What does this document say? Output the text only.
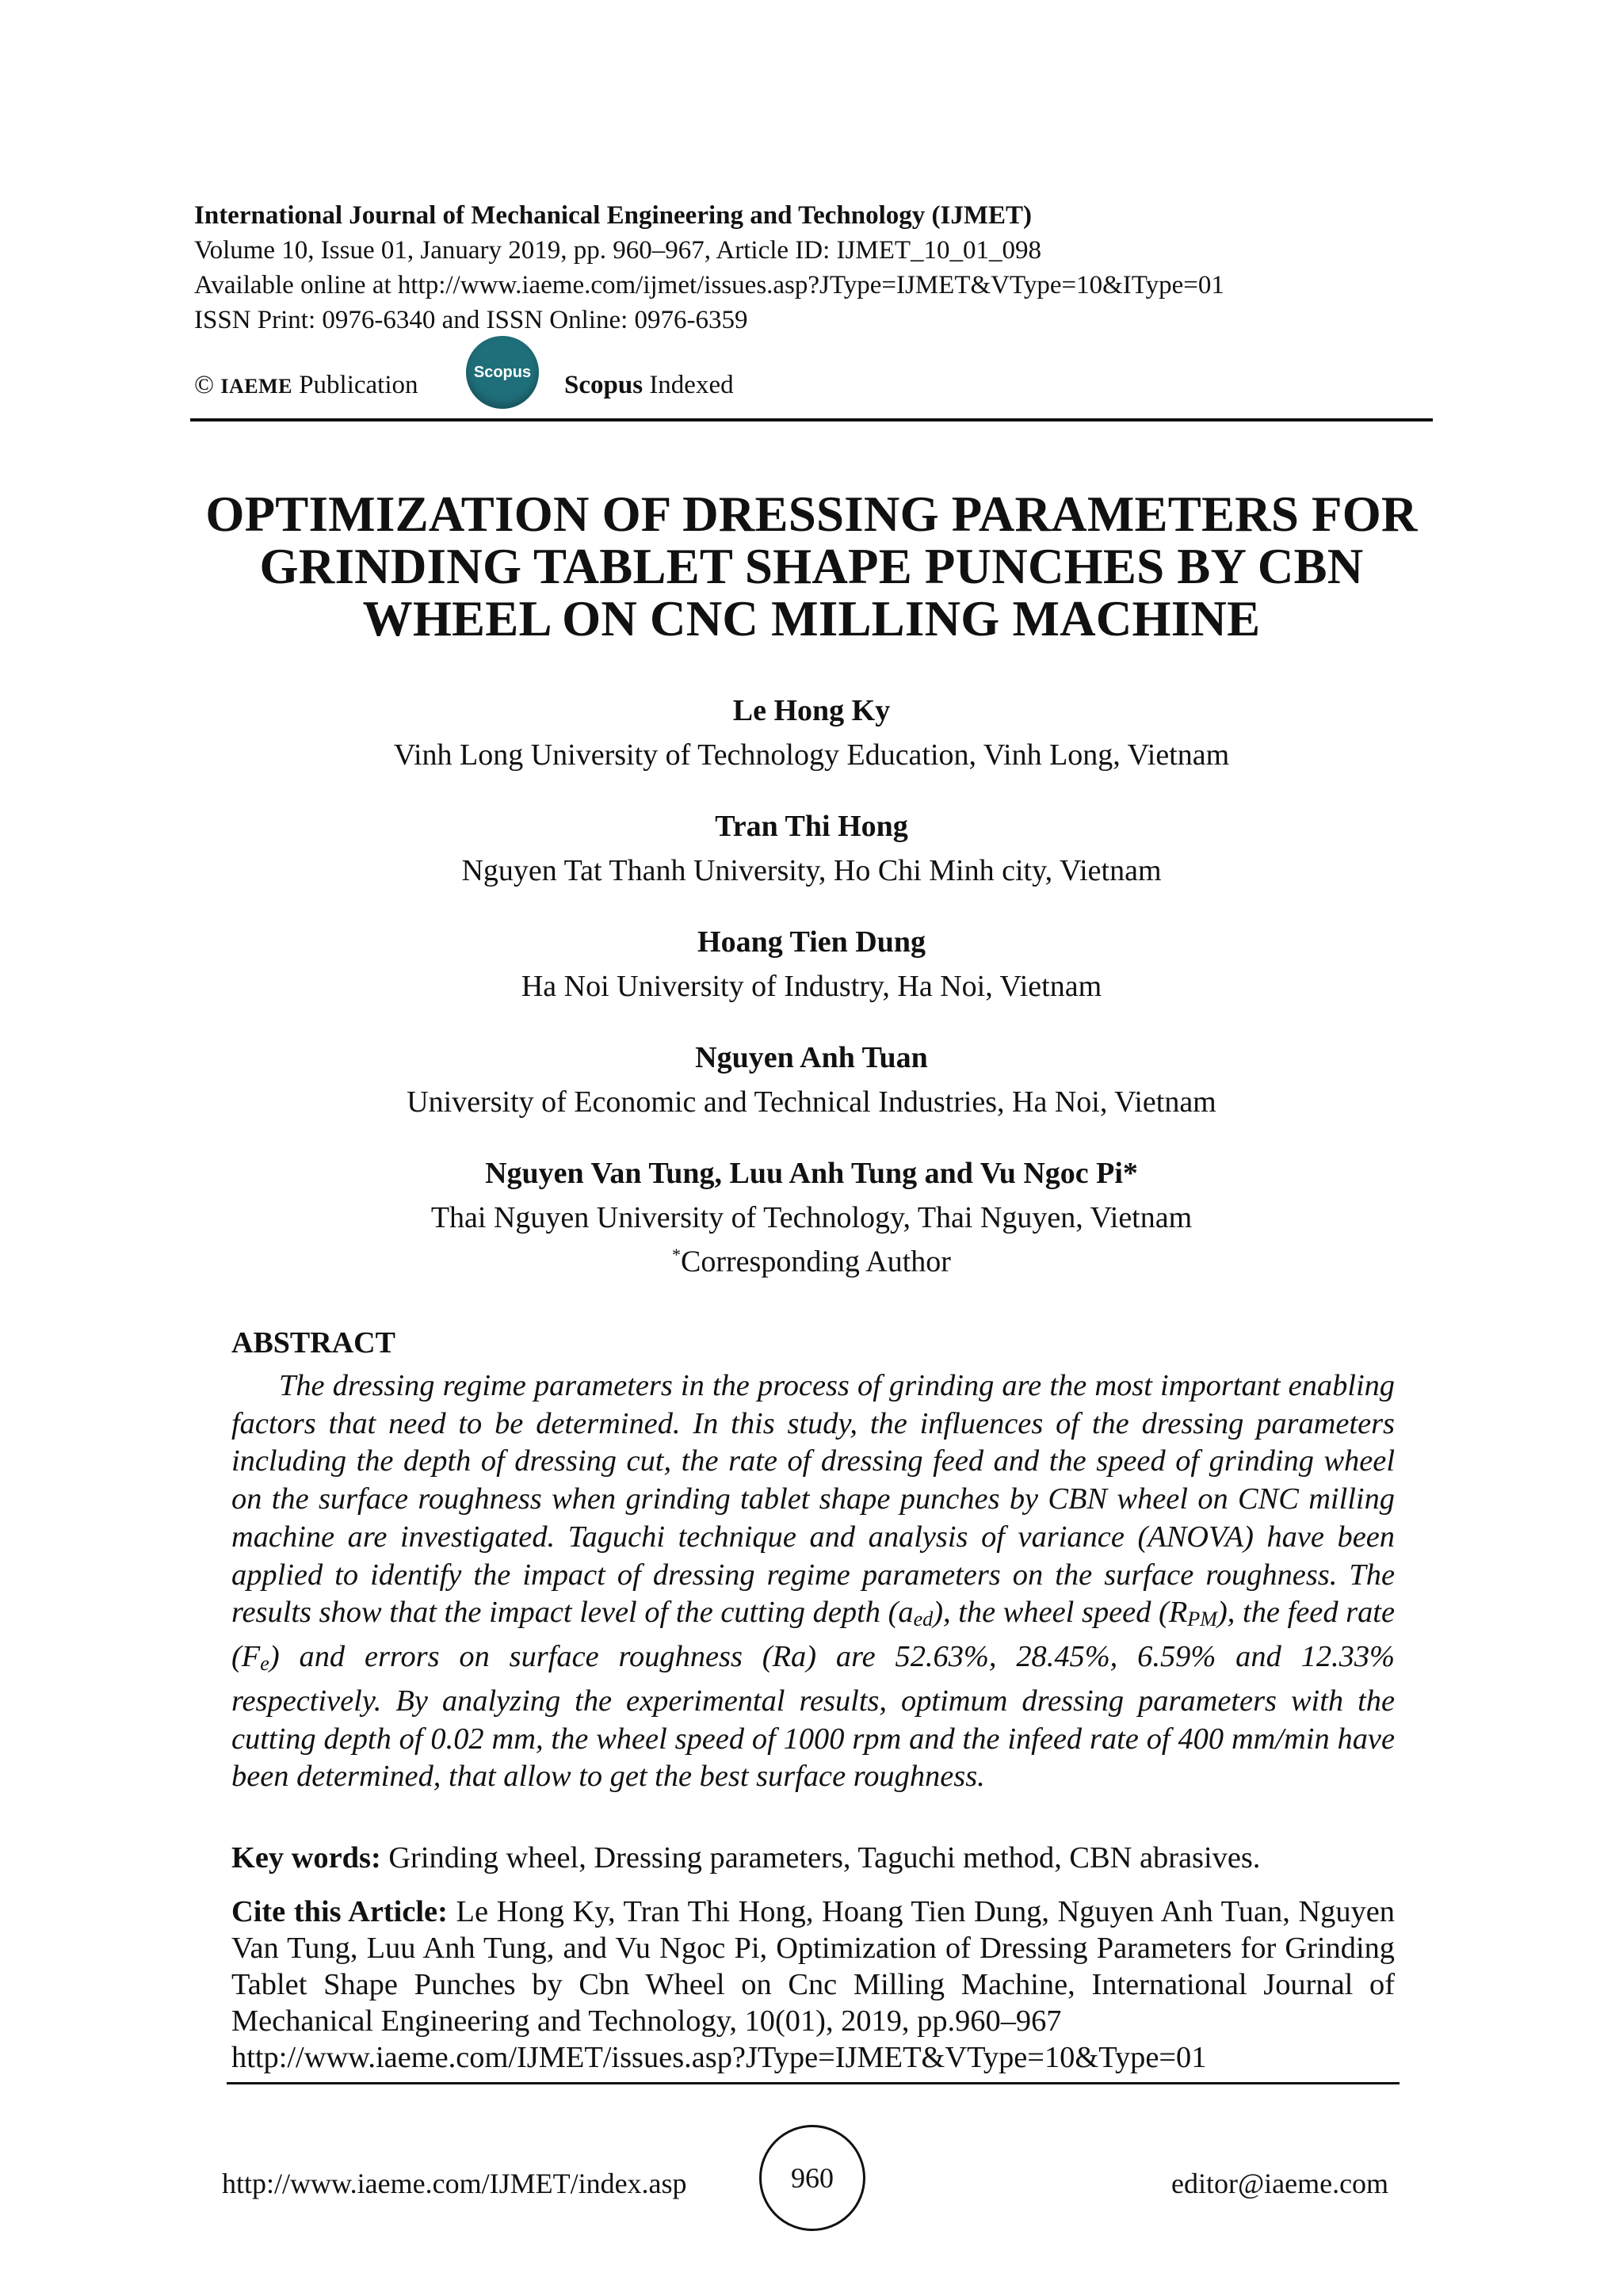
International Journal of Mechanical Engineering and Technology (IJMET)
Volume 10, Issue 01, January 2019, pp. 960–967, Article ID: IJMET_10_01_098
Available online at http://www.iaeme.com/ijmet/issues.asp?JType=IJMET&VType=10&IType=01
ISSN Print: 0976-6340 and ISSN Online: 0976-6359
© IAEME Publication	Scopus Scopus Indexed
OPTIMIZATION OF DRESSING PARAMETERS FOR
GRINDING TABLET SHAPE PUNCHES BY CBN
WHEEL ON CNC MILLING MACHINE
Le Hong Ky
Vinh Long University of Technology Education, Vinh Long, Vietnam
Tran Thi Hong
Nguyen Tat Thanh University, Ho Chi Minh city, Vietnam
Hoang Tien Dung
Ha Noi University of Industry, Ha Noi, Vietnam
Nguyen Anh Tuan
University of Economic and Technical Industries, Ha Noi, Vietnam
Nguyen Van Tung, Luu Anh Tung and Vu Ngoc Pi*
Thai Nguyen University of Technology, Thai Nguyen, Vietnam
*Corresponding Author
ABSTRACT
The dressing regime parameters in the process of grinding are the most important enabling factors that need to be determined. In this study, the influences of the dressing parameters including the depth of dressing cut, the rate of dressing feed and the speed of grinding wheel on the surface roughness when grinding tablet shape punches by CBN wheel on CNC milling machine are investigated. Taguchi technique and analysis of variance (ANOVA) have been applied to identify the impact of dressing regime parameters on the surface roughness. The results show that the impact level of the cutting depth $(a_{ed})$, the wheel speed $(R_{PM})$, the feed rate $(F_e)$ and errors on surface roughness (Ra) are 52.63%, 28.45%, 6.59% and 12.33% respectively. By analyzing the experimental results, optimum dressing parameters with the cutting depth of 0.02 mm, the wheel speed of 1000 rpm and the infeed rate of 400 mm/min have been determined, that allow to get the best surface roughness.
Key words: Grinding wheel, Dressing parameters, Taguchi method, CBN abrasives.
Cite this Article: Le Hong Ky, Tran Thi Hong, Hoang Tien Dung, Nguyen Anh Tuan, Nguyen Van Tung, Luu Anh Tung, and Vu Ngoc Pi, Optimization of Dressing Parameters for Grinding Tablet Shape Punches by Cbn Wheel on Cnc Milling Machine, International Journal of Mechanical Engineering and Technology, 10(01), 2019, pp.960–967
http://www.iaeme.com/IJMET/issues.asp?JType=IJMET&VType=10&Type=01
http://www.iaeme.com/IJMET/index.asp	960	editor@iaeme.com
